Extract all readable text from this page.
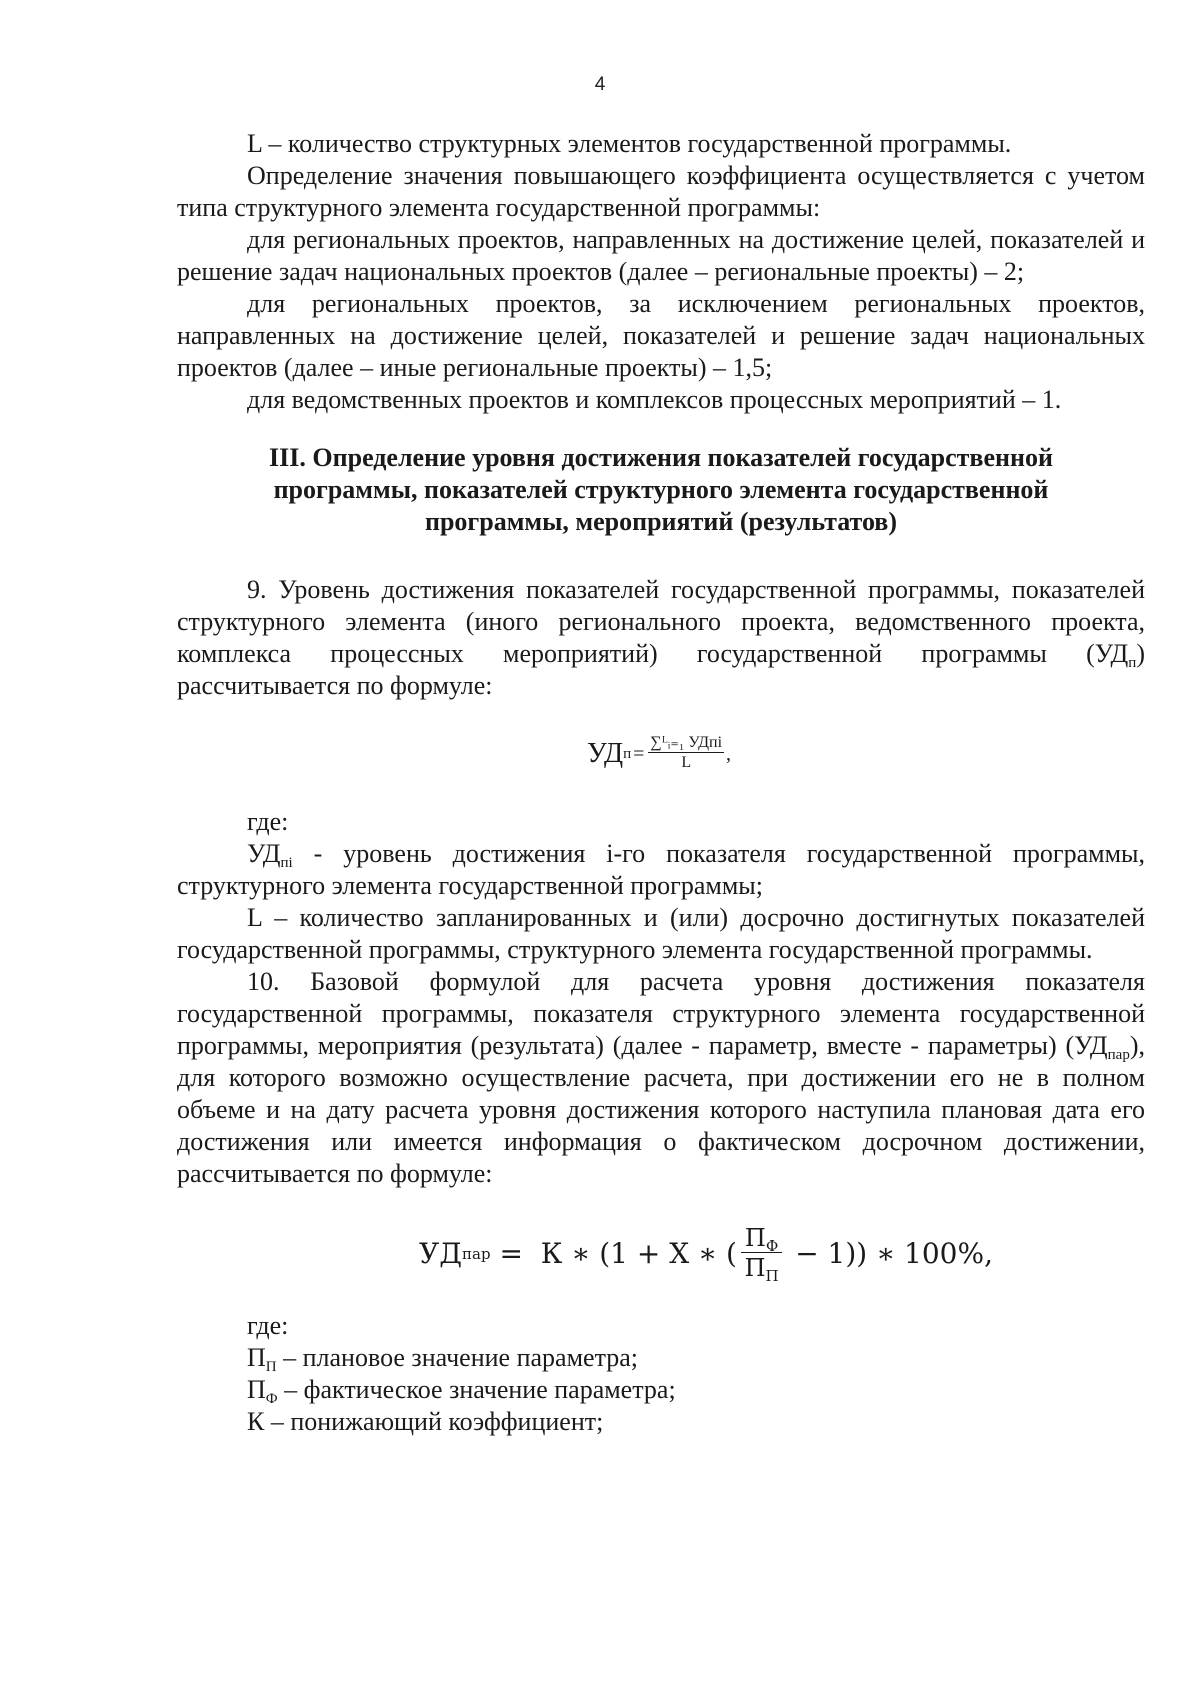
4

L – количество структурных элементов государственной программы.

Определение значения повышающего коэффициента осуществляется с учетом типа структурного элемента государственной программы:

для региональных проектов, направленных на достижение целей, показателей и решение задач национальных проектов (далее – региональные проекты) – 2;

для региональных проектов, за исключением региональных проектов, направленных на достижение целей, показателей и решение задач национальных проектов (далее – иные региональные проекты) – 1,5;

для ведомственных проектов и комплексов процессных мероприятий – 1.

III. Определение уровня достижения показателей государственной
программы, показателей структурного элемента государственной
программы, мероприятий (результатов)

9. Уровень достижения показателей государственной программы, показателей структурного элемента (иного регионального проекта, ведомственного проекта, комплекса процессных мероприятий) государственной программы $(УД_п)$ рассчитывается по формуле:

УД $п = \frac{\text{∑ᴸᵢ₌₁ УДпi}}{L}$ ,

где:

$УД_{пi}$ - уровень достижения i-го показателя государственной программы, структурного элемента государственной программы;

L – количество запланированных и (или) досрочно достигнутых показателей государственной программы, структурного элемента государственной программы.

10. Базовой формулой для расчета уровня достижения показателя государственной программы, показателя структурного элемента государственной программы, мероприятия (результата) (далее - параметр, вместе - параметры) $(УД_{пар})$, для которого возможно осуществление расчета, при достижении его не в полном объеме и на дату расчета уровня достижения которого наступила плановая дата его достижения или имеется информация о фактическом досрочном достижении, рассчитывается по формуле:

УД пар =  К ∗ (1 + Х ∗ ( $\frac{П_Ф}{П_П} - 1$)) ∗ 100%,

где:

$П_П$ – плановое значение параметра;

$П_Ф$ – фактическое значение параметра;

К – понижающий коэффициент;
